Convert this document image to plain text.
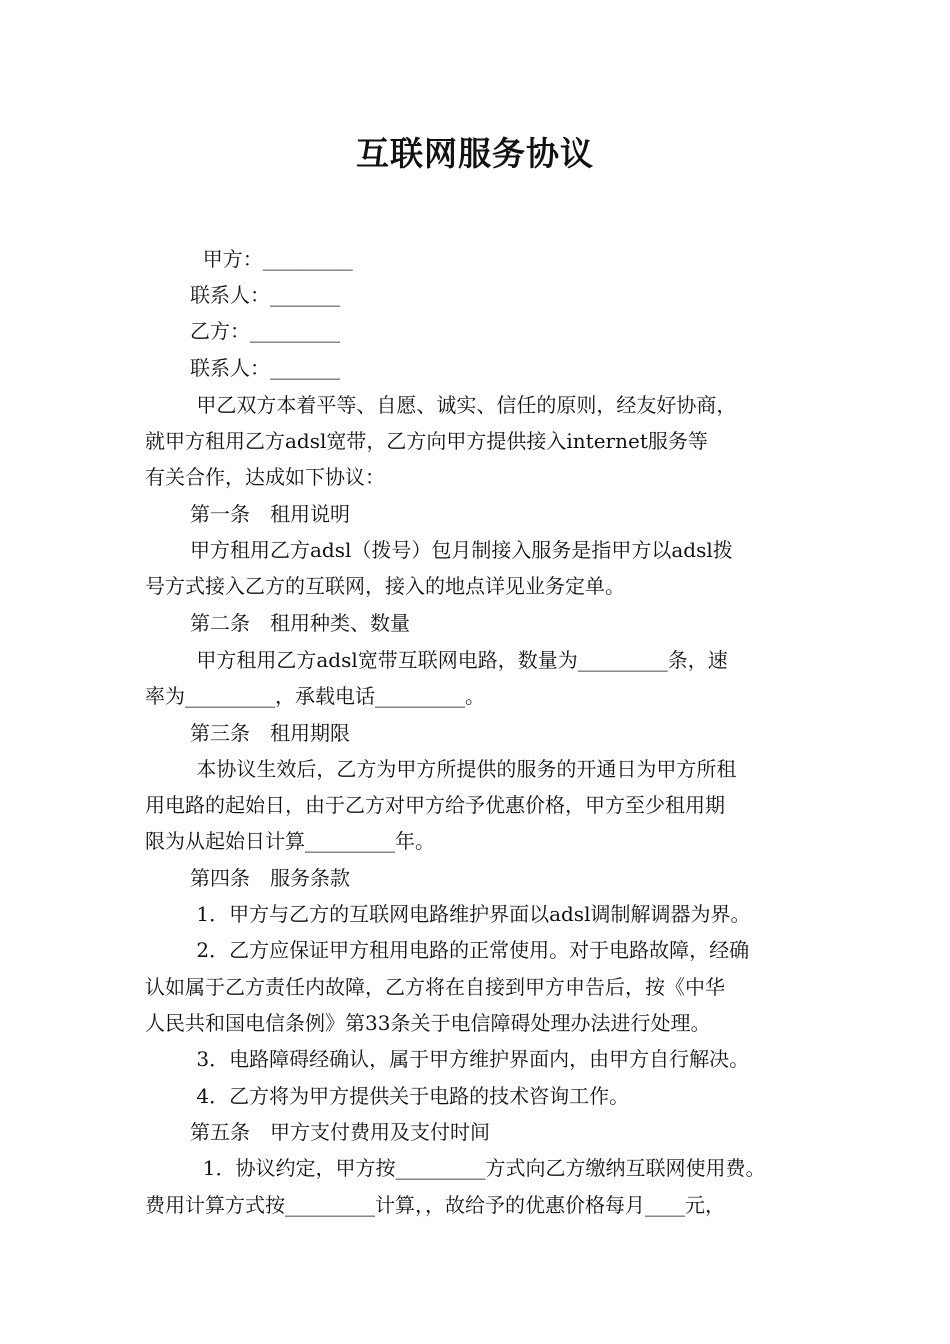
互联网服务协议
甲方：_________
联系人：_______
乙方：_________
联系人：_______
甲乙双方本着平等、自愿、诚实、信任的原则，经友好协商，
就甲方租用乙方adsl宽带，乙方向甲方提供接入internet服务等
有关合作，达成如下协议：
第一条　租用说明
甲方租用乙方adsl（拨号）包月制接入服务是指甲方以adsl拨
号方式接入乙方的互联网，接入的地点详见业务定单。
第二条　租用种类、数量
甲方租用乙方adsl宽带互联网电路，数量为_________条，速
率为_________，承载电话_________。
第三条　租用期限
本协议生效后，乙方为甲方所提供的服务的开通日为甲方所租
用电路的起始日，由于乙方对甲方给予优惠价格，甲方至少租用期
限为从起始日计算_________年。
第四条　服务条款
1．甲方与乙方的互联网电路维护界面以adsl调制解调器为界。
2．乙方应保证甲方租用电路的正常使用。对于电路故障，经确
认如属于乙方责任内故障，乙方将在自接到甲方申告后，按《中华
人民共和国电信条例》第33条关于电信障碍处理办法进行处理。
3．电路障碍经确认，属于甲方维护界面内，由甲方自行解决。
4．乙方将为甲方提供关于电路的技术咨询工作。
第五条　甲方支付费用及支付时间
1．协议约定，甲方按_________方式向乙方缴纳互联网使用费。
费用计算方式按_________计算，，故给予的优惠价格每月____元，
